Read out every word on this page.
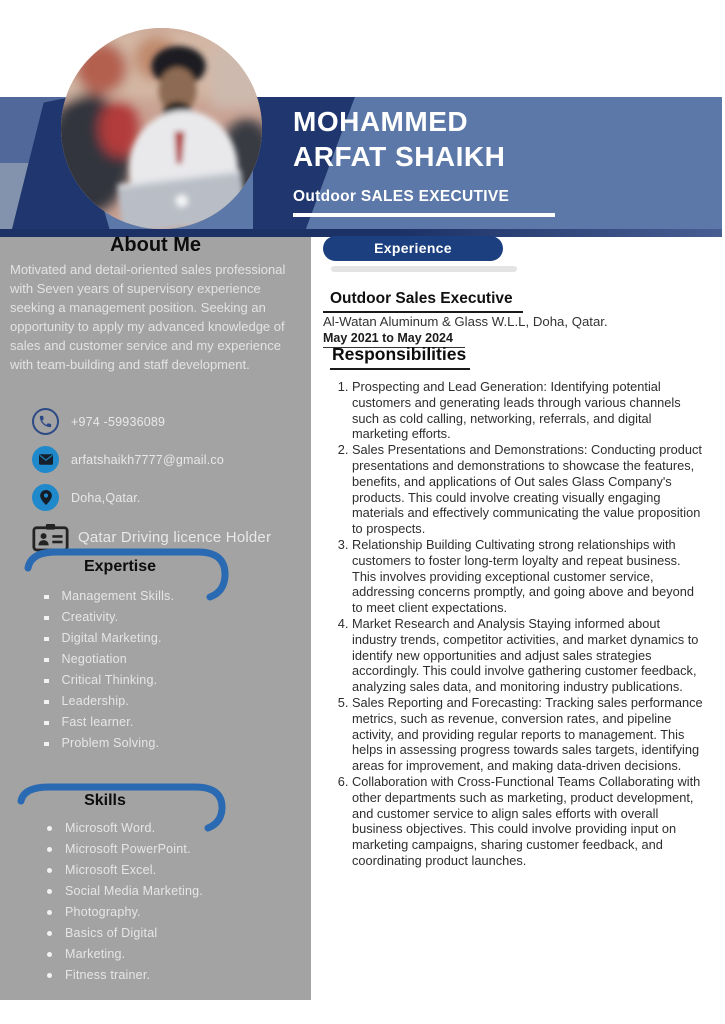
MOHAMMED
ARFAT SHAIKH
Outdoor SALES EXECUTIVE
About Me
Motivated and detail-oriented sales professional with Seven years of supervisory experience seeking a management position. Seeking an opportunity to apply my advanced knowledge of sales and customer service and my experience with team-building and staff development.
+974 -59936089
arfatshaikh7777@gmail.co
Doha,Qatar.
Qatar Driving licence Holder
Expertise
Management Skills.
Creativity.
Digital Marketing.
Negotiation
Critical Thinking.
Leadership.
Fast learner.
Problem Solving.
Skills
Microsoft Word.
Microsoft PowerPoint.
Microsoft Excel.
Social Media Marketing.
Photography.
Basics of Digital
Marketing.
Fitness trainer.
Experience
Outdoor Sales Executive
Al-Watan Aluminum & Glass W.L.L, Doha, Qatar.
May 2021 to May 2024
Responsibilities
1. Prospecting and Lead Generation: Identifying potential customers and generating leads through various channels such as cold calling, networking, referrals, and digital marketing efforts.
2. Sales Presentations and Demonstrations: Conducting product presentations and demonstrations to showcase the features, benefits, and applications of Out sales Glass Company's products. This could involve creating visually engaging materials and effectively communicating the value proposition to prospects.
3. Relationship Building Cultivating strong relationships with customers to foster long-term loyalty and repeat business. This involves providing exceptional customer service, addressing concerns promptly, and going above and beyond to meet client expectations.
4. Market Research and Analysis Staying informed about industry trends, competitor activities, and market dynamics to identify new opportunities and adjust sales strategies accordingly. This could involve gathering customer feedback, analyzing sales data, and monitoring industry publications.
5. Sales Reporting and Forecasting: Tracking sales performance metrics, such as revenue, conversion rates, and pipeline activity, and providing regular reports to management. This helps in assessing progress towards sales targets, identifying areas for improvement, and making data-driven decisions.
6. Collaboration with Cross-Functional Teams Collaborating with other departments such as marketing, product development, and customer service to align sales efforts with overall business objectives. This could involve providing input on marketing campaigns, sharing customer feedback, and coordinating product launches.
